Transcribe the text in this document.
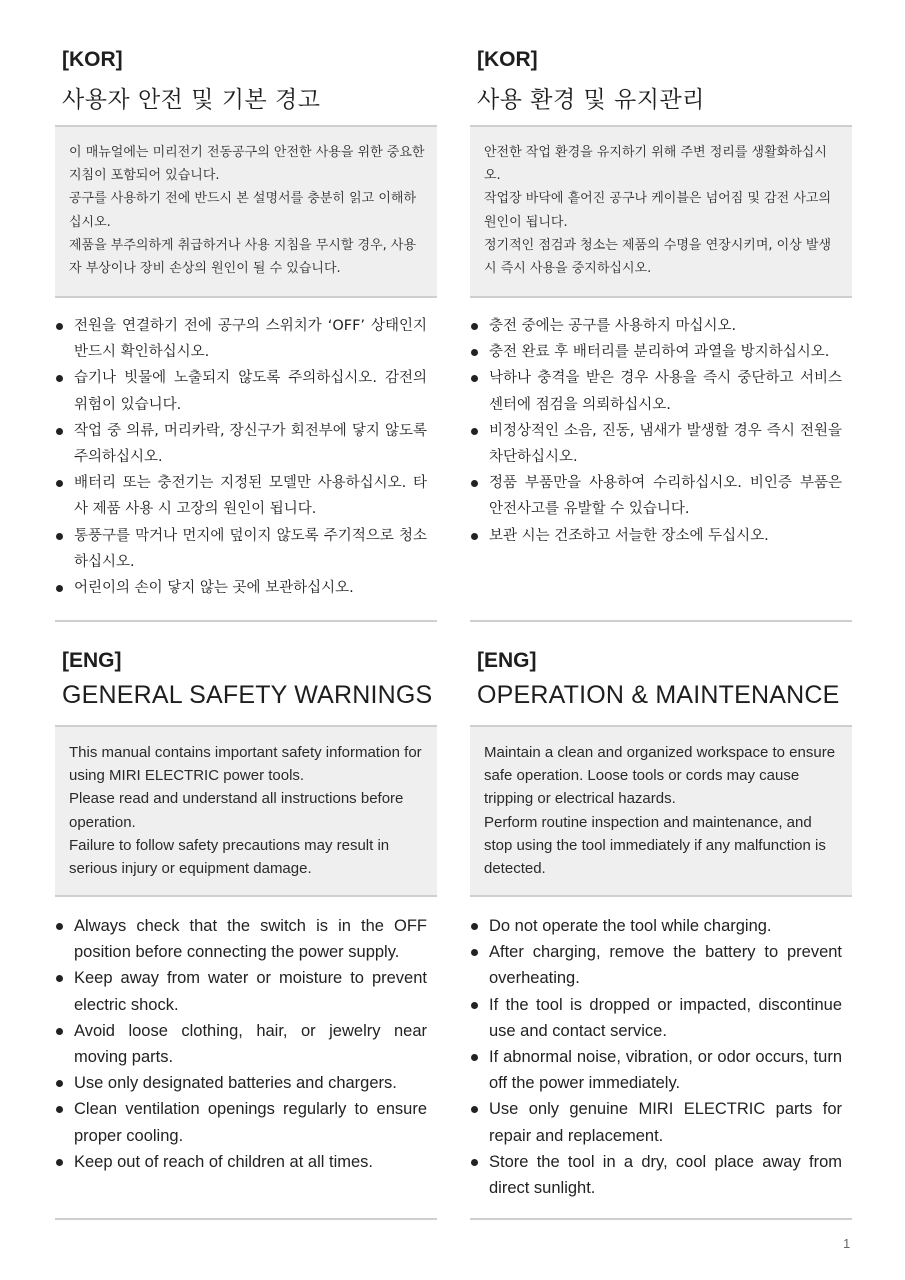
[KOR]
사용자 안전 및 기본 경고

이 매뉴얼에는 미리전기 전동공구의 안전한 사용을 위한 중요한 지침이 포함되어 있습니다.

공구를 사용하기 전에 반드시 본 설명서를 충분히 읽고 이해하십시오.

제품을 부주의하게 취급하거나 사용 지침을 무시할 경우, 사용자 부상이나 장비 손상의 원인이 될 수 있습니다.

전원을 연결하기 전에 공구의 스위치가 ‘OFF’ 상태인지 반드시 확인하십시오.
습기나 빗물에 노출되지 않도록 주의하십시오. 감전의 위험이 있습니다.
작업 중 의류, 머리카락, 장신구가 회전부에 닿지 않도록 주의하십시오.
배터리 또는 충전기는 지정된 모델만 사용하십시오. 타사 제품 사용 시 고장의 원인이 됩니다.
통풍구를 막거나 먼지에 덮이지 않도록 주기적으로 청소하십시오.
어린이의 손이 닿지 않는 곳에 보관하십시오.
[ENG]
GENERAL SAFETY WARNINGS

This manual contains important safety information for using MIRI ELECTRIC power tools.

Please read and understand all instructions before operation.

Failure to follow safety precautions may result in serious injury or equipment damage.

Always check that the switch is in the OFF position before connecting the power supply.
Keep away from water or moisture to prevent electric shock.
Avoid loose clothing, hair, or jewelry near moving parts.
Use only designated batteries and chargers.
Clean ventilation openings regularly to ensure proper cooling.
Keep out of reach of children at all times.
[KOR]
사용 환경 및 유지관리

안전한 작업 환경을 유지하기 위해 주변 정리를 생활화하십시오.

작업장 바닥에 흩어진 공구나 케이블은 넘어짐 및 감전 사고의 원인이 됩니다.

정기적인 점검과 청소는 제품의 수명을 연장시키며, 이상 발생 시 즉시 사용을 중지하십시오.

충전 중에는 공구를 사용하지 마십시오.
충전 완료 후 배터리를 분리하여 과열을 방지하십시오.
낙하나 충격을 받은 경우 사용을 즉시 중단하고 서비스센터에 점검을 의뢰하십시오.
비정상적인 소음, 진동, 냄새가 발생할 경우 즉시 전원을 차단하십시오.
정품 부품만을 사용하여 수리하십시오. 비인증 부품은 안전사고를 유발할 수 있습니다.
보관 시는 건조하고 서늘한 장소에 두십시오.
[ENG]
OPERATION & MAINTENANCE

Maintain a clean and organized workspace to ensure safe operation. Loose tools or cords may cause tripping or electrical hazards.

Perform routine inspection and maintenance, and stop using the tool immediately if any malfunction is detected.

Do not operate the tool while charging.
After charging, remove the battery to prevent overheating.
If the tool is dropped or impacted, discontinue use and contact service.
If abnormal noise, vibration, or odor occurs, turn off the power immediately.
Use only genuine MIRI ELECTRIC parts for repair and replacement.
Store the tool in a dry, cool place away from direct sunlight.
1
